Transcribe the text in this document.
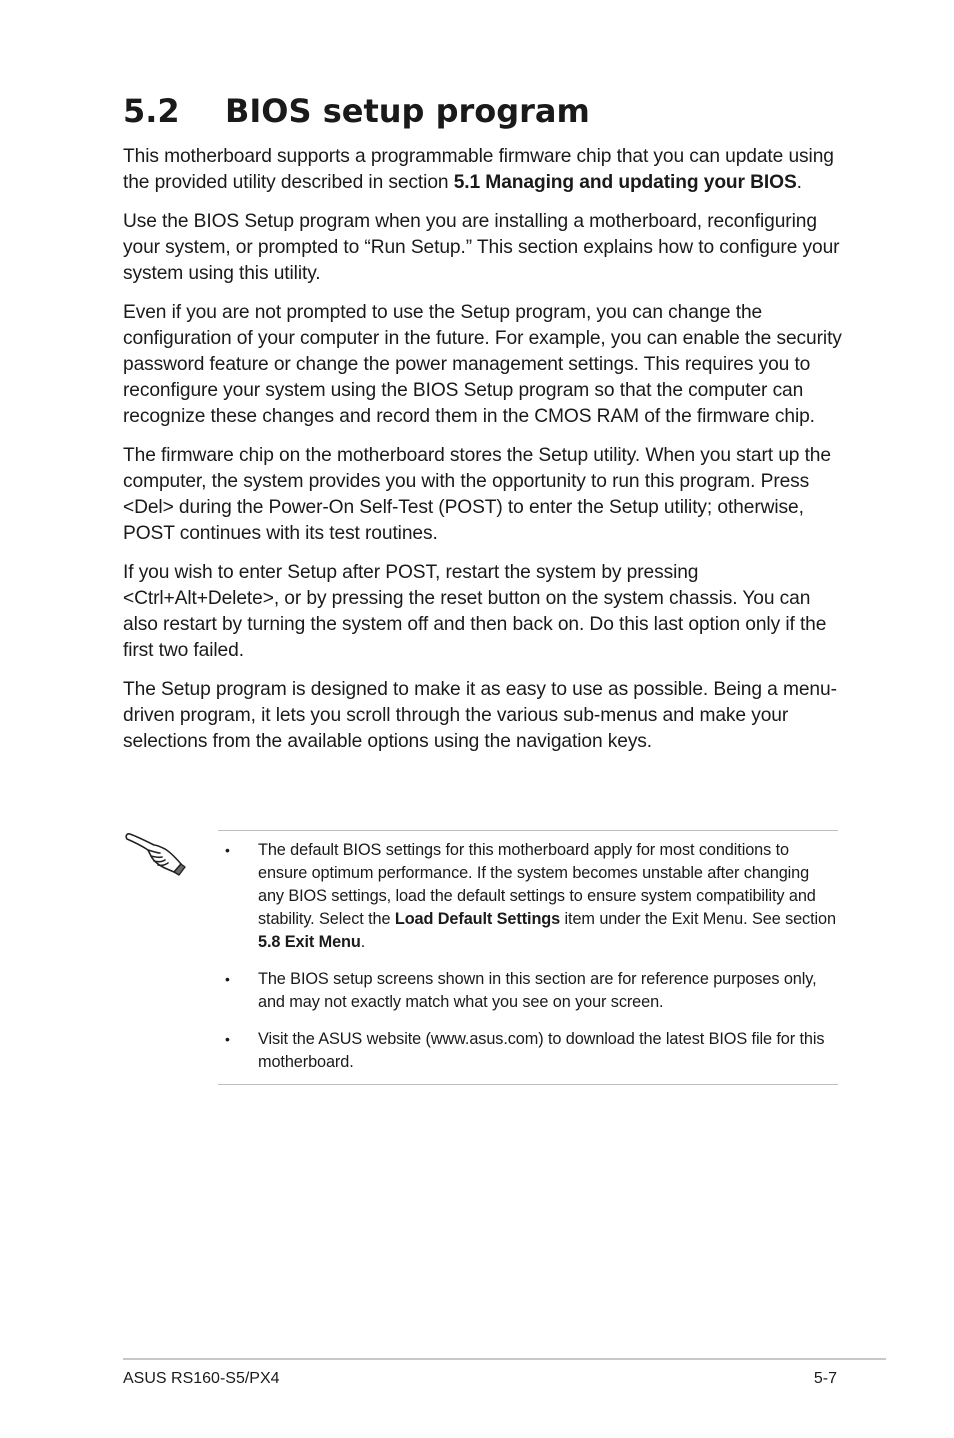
5.2 BIOS setup program

This motherboard supports a programmable firmware chip that you can update using the provided utility described in section 5.1 Managing and updating your BIOS.

Use the BIOS Setup program when you are installing a motherboard, reconfiguring your system, or prompted to “Run Setup.” This section explains how to configure your system using this utility.

Even if you are not prompted to use the Setup program, you can change the configuration of your computer in the future. For example, you can enable the security password feature or change the power management settings. This requires you to reconfigure your system using the BIOS Setup program so that the computer can recognize these changes and record them in the CMOS RAM of the firmware chip.

The firmware chip on the motherboard stores the Setup utility. When you start up the computer, the system provides you with the opportunity to run this program. Press <Del> during the Power-On Self-Test (POST) to enter the Setup utility; otherwise, POST continues with its test routines.

If you wish to enter Setup after POST, restart the system by pressing <Ctrl+Alt+Delete>, or by pressing the reset button on the system chassis. You can also restart by turning the system off and then back on. Do this last option only if the first two failed.

The Setup program is designed to make it as easy to use as possible. Being a menu-driven program, it lets you scroll through the various sub-menus and make your selections from the available options using the navigation keys.

• The default BIOS settings for this motherboard apply for most conditions to ensure optimum performance. If the system becomes unstable after changing any BIOS settings, load the default settings to ensure system compatibility and stability. Select the Load Default Settings item under the Exit Menu. See section 5.8 Exit Menu.
• The BIOS setup screens shown in this section are for reference purposes only, and may not exactly match what you see on your screen.
• Visit the ASUS website (www.asus.com) to download the latest BIOS file for this motherboard.
ASUS RS160-S5/PX4	5-7
